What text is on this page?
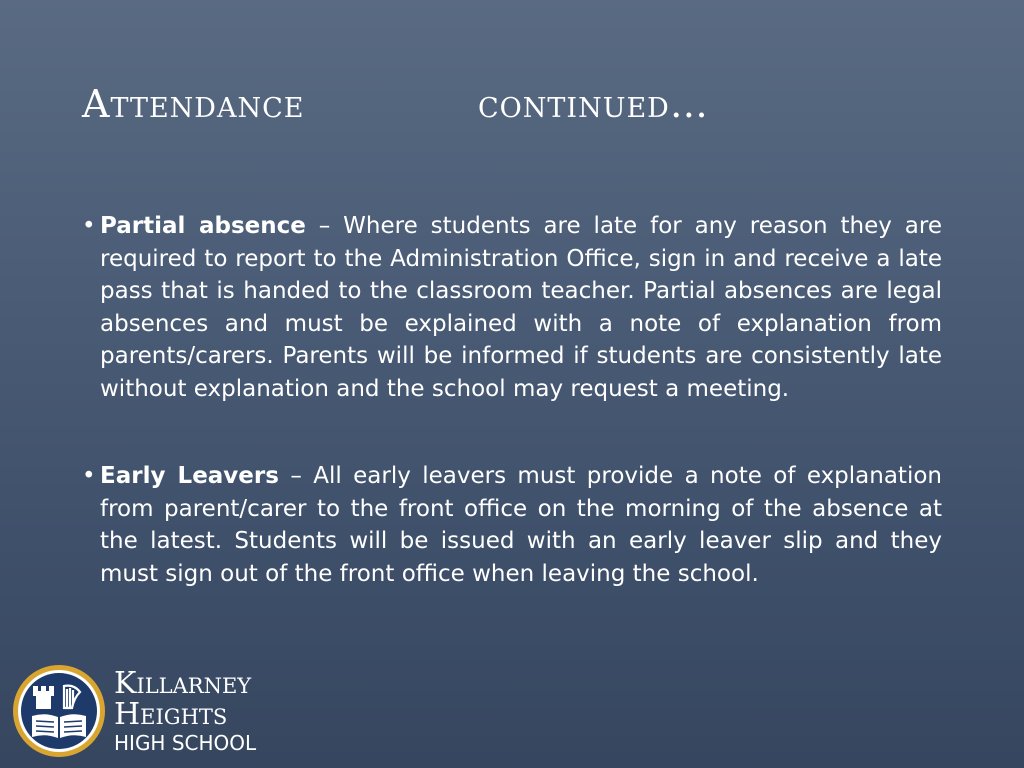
Attendance	continued…
• Partial absence – Where students are late for any reason they are required to report to the Administration Office, sign in and receive a late pass that is handed to the classroom teacher. Partial absences are legal absences and must be explained with a note of explanation from parents/carers. Parents will be informed if students are consistently late without explanation and the school may request a meeting.
• Early Leavers – All early leavers must provide a note of explanation from parent/carer to the front office on the morning of the absence at the latest. Students will be issued with an early leaver slip and they must sign out of the front office when leaving the school.
Killarney
Heights
HIGH SCHOOL
